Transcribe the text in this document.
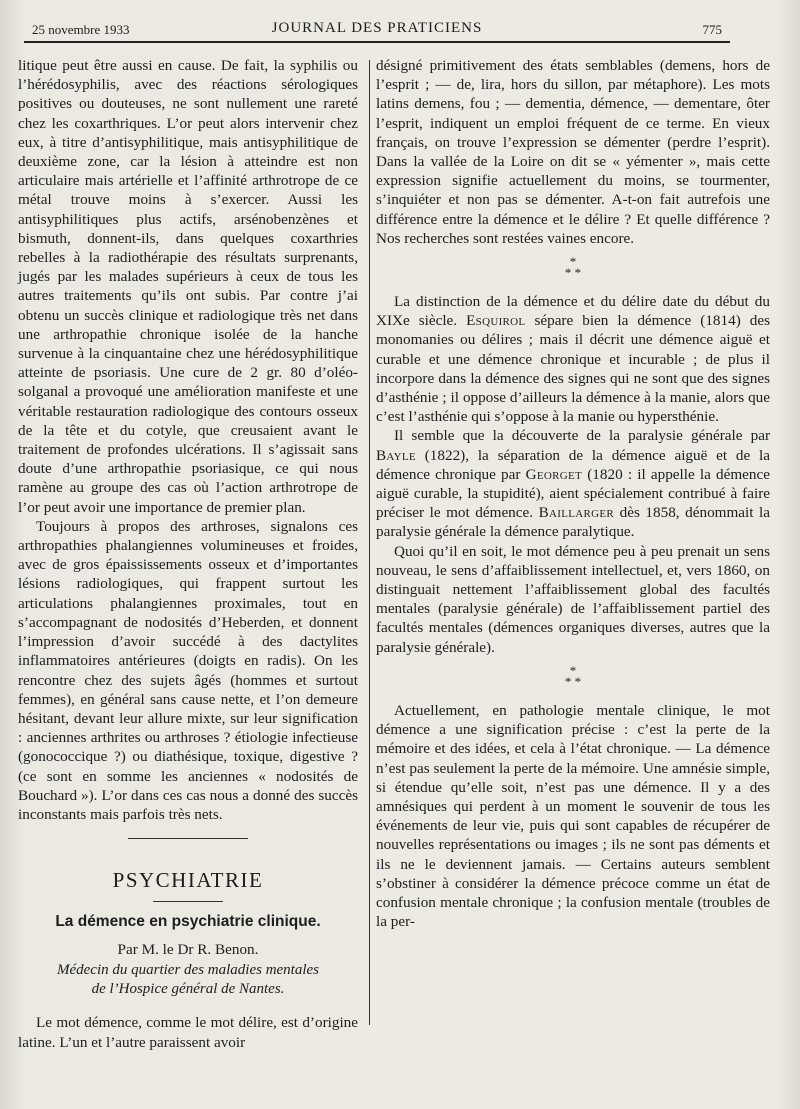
25 novembre 1933	JOURNAL DES PRATICIENS	775

litique peut être aussi en cause. De fait, la syphilis ou l’hérédosyphilis, avec des réactions sérologiques positives ou douteuses, ne sont nullement une rareté chez les coxarthriques. L’or peut alors intervenir chez eux, à titre d’antisyphilitique, mais antisyphilitique de deuxième zone, car la lésion à atteindre est non articulaire mais artérielle et l’affinité arthrotrope de ce métal trouve moins à s’exercer. Aussi les antisyphilitiques plus actifs, arsénobenzènes et bismuth, donnent-ils, dans quelques coxarthries rebelles à la radiothérapie des résultats surprenants, jugés par les malades supérieurs à ceux de tous les autres traitements qu’ils ont subis. Par contre j’ai obtenu un succès clinique et radiologique très net dans une arthropathie chronique isolée de la hanche survenue à la cinquantaine chez une hérédosyphilitique atteinte de psoriasis. Une cure de 2 gr. 80 d’oléo-solganal a provoqué une amélioration manifeste et une véritable restauration radiologique des contours osseux de la tête et du cotyle, que creusaient avant le traitement de profondes ulcérations. Il s’agissait sans doute d’une arthropathie psoriasique, ce qui nous ramène au groupe des cas où l’action arthrotrope de l’or peut avoir une importance de premier plan.

Toujours à propos des arthroses, signalons ces arthropathies phalangiennes volumineuses et froides, avec de gros épaississements osseux et d’importantes lésions radiologiques, qui frappent surtout les articulations phalangiennes proximales, tout en s’accompagnant de nodosités d’Heberden, et donnent l’impression d’avoir succédé à des dactylites inflammatoires antérieures (doigts en radis). On les rencontre chez des sujets âgés (hommes et surtout femmes), en général sans cause nette, et l’on demeure hésitant, devant leur allure mixte, sur leur signification : anciennes arthrites ou arthroses ? étiologie infectieuse (gonococcique ?) ou diathésique, toxique, digestive ? (ce sont en somme les anciennes « nodosités de Bouchard »). L’or dans ces cas nous a donné des succès inconstants mais parfois très nets.

PSYCHIATRIE
La démence en psychiatrie clinique.
Par M. le Dr R. Benon.
Médecin du quartier des maladies mentales
de l’Hospice général de Nantes.

Le mot démence, comme le mot délire, est d’origine latine. L’un et l’autre paraissent avoir

désigné primitivement des états semblables (demens, hors de l’esprit ; — de, lira, hors du sillon, par métaphore). Les mots latins demens, fou ; — dementia, démence, — dementare, ôter l’esprit, indiquent un emploi fréquent de ce terme. En vieux français, on trouve l’expression se démenter (perdre l’esprit). Dans la vallée de la Loire on dit se « yémenter », mais cette expression signifie actuellement du moins, se tourmenter, s’inquiéter et non pas se démenter. A-t-on fait autrefois une différence entre la démence et le délire ? Et quelle différence ? Nos recherches sont restées vaines encore.

*
* *

La distinction de la démence et du délire date du début du XIXe siècle. Esquirol sépare bien la démence (1814) des monomanies ou délires ; mais il décrit une démence aiguë et curable et une démence chronique et incurable ; de plus il incorpore dans la démence des signes qui ne sont que des signes d’asthénie ; il oppose d’ailleurs la démence à la manie, alors que c’est l’asthénie qui s’oppose à la manie ou hypersthénie.

Il semble que la découverte de la paralysie générale par Bayle (1822), la séparation de la démence aiguë et de la démence chronique par Georget (1820 : il appelle la démence aiguë curable, la stupidité), aient spécialement contribué à faire préciser le mot démence. Baillarger dès 1858, dénommait la paralysie générale la démence paralytique.

Quoi qu’il en soit, le mot démence peu à peu prenait un sens nouveau, le sens d’affaiblissement intellectuel, et, vers 1860, on distinguait nettement l’affaiblissement global des facultés mentales (paralysie générale) de l’affaiblissement partiel des facultés mentales (démences organiques diverses, autres que la paralysie générale).

*
* *

Actuellement, en pathologie mentale clinique, le mot démence a une signification précise : c’est la perte de la mémoire et des idées, et cela à l’état chronique. — La démence n’est pas seulement la perte de la mémoire. Une amnésie simple, si étendue qu’elle soit, n’est pas une démence. Il y a des amnésiques qui perdent à un moment le souvenir de tous les événements de leur vie, puis qui sont capables de récupérer de nouvelles représentations ou images ; ils ne sont pas déments et ils ne le deviennent jamais. — Certains auteurs semblent s’obstiner à considérer la démence précoce comme un état de confusion mentale chronique ; la confusion mentale (troubles de la per-
